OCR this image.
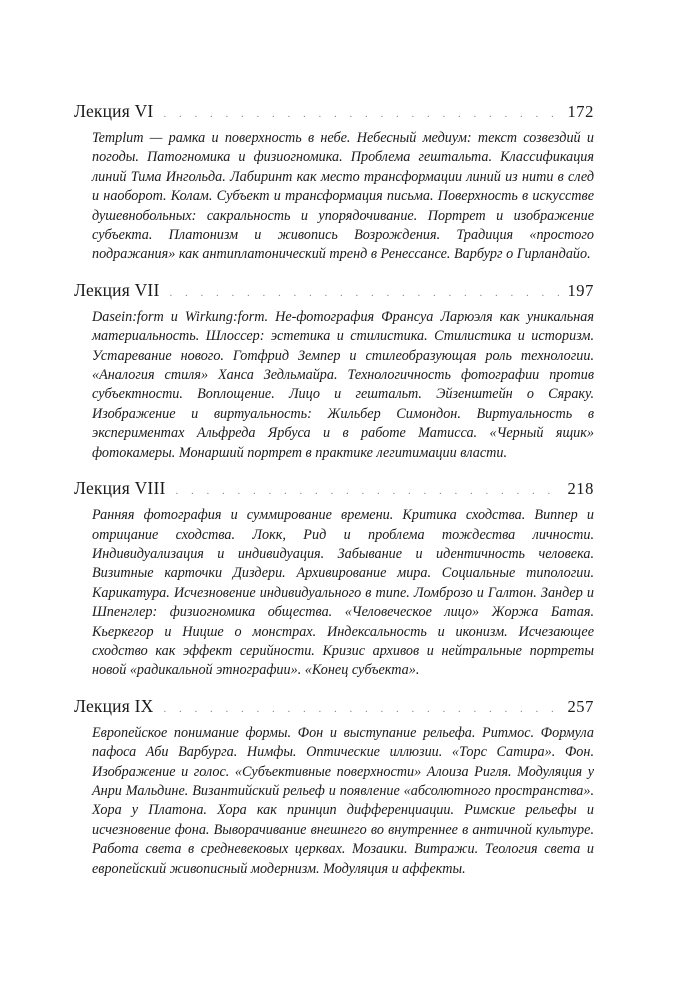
Лекция VI . . .	172
Templum — рамка и поверхность в небе. Небесный медиум: текст созвездий и погоды. Патогномика и физиогномика. Проблема гештальта. Классификация линий Тима Ингольда. Лабиринт как место трансформации линий из нити в след и наоборот. Колам. Субъект и трансформация письма. Поверхность в искусстве душевнобольных: сакральность и упорядочивание. Портрет и изображение субъекта. Платонизм и живопись Возрождения. Традиция «простого подражания» как антиплатонический тренд в Ренессансе. Варбург о Гирландайо.
Лекция VII . . .	197
Dasein:form и Wirkung:form. Не-фотография Франсуа Ларюэля как уникальная материальность. Шлоссер: эстетика и стилистика. Стилистика и историзм. Устаревание нового. Готфрид Земпер и стилеобразующая роль технологии. «Аналогия стиля» Ханса Зедльмайра. Технологичность фотографии против субъектности. Воплощение. Лицо и гештальт. Эйзенштейн о Сяраку. Изображение и виртуальность: Жильбер Симондон. Виртуальность в экспериментах Альфреда Ярбуса и в работе Матисса. «Черный ящик» фотокамеры. Монарший портрет в практике легитимации власти.
Лекция VIII . . .	218
Ранняя фотография и суммирование времени. Критика сходства. Виппер и отрицание сходства. Локк, Рид и проблема тождества личности. Индивидуализация и индивидуация. Забывание и идентичность человека. Визитные карточки Диздери. Архивирование мира. Социальные типологии. Карикатура. Исчезновение индивидуального в типе. Ломброзо и Галтон. Зандер и Шпенглер: физиогномика общества. «Человеческое лицо» Жоржа Батая. Кьеркегор и Ницше о монстрах. Индексальность и иконизм. Исчезающее сходство как эффект серийности. Кризис архивов и нейтральные портреты новой «радикальной этнографии». «Конец субъекта».
Лекция IX . . .	257
Европейское понимание формы. Фон и выступание рельефа. Ритмос. Формула пафоса Аби Варбурга. Нимфы. Оптические иллюзии. «Торс Сатира». Фон. Изображение и голос. «Субъективные поверхности» Алоиза Ригля. Модуляция у Анри Мальдине. Византийский рельеф и появление «абсолютного пространства». Хора у Платона. Хора как принцип дифференциации. Римские рельефы и исчезновение фона. Выворачивание внешнего во внутреннее в античной культуре. Работа света в средневековых церквах. Мозаики. Витражи. Теология света и европейский живописный модернизм. Модуляция и аффекты.
